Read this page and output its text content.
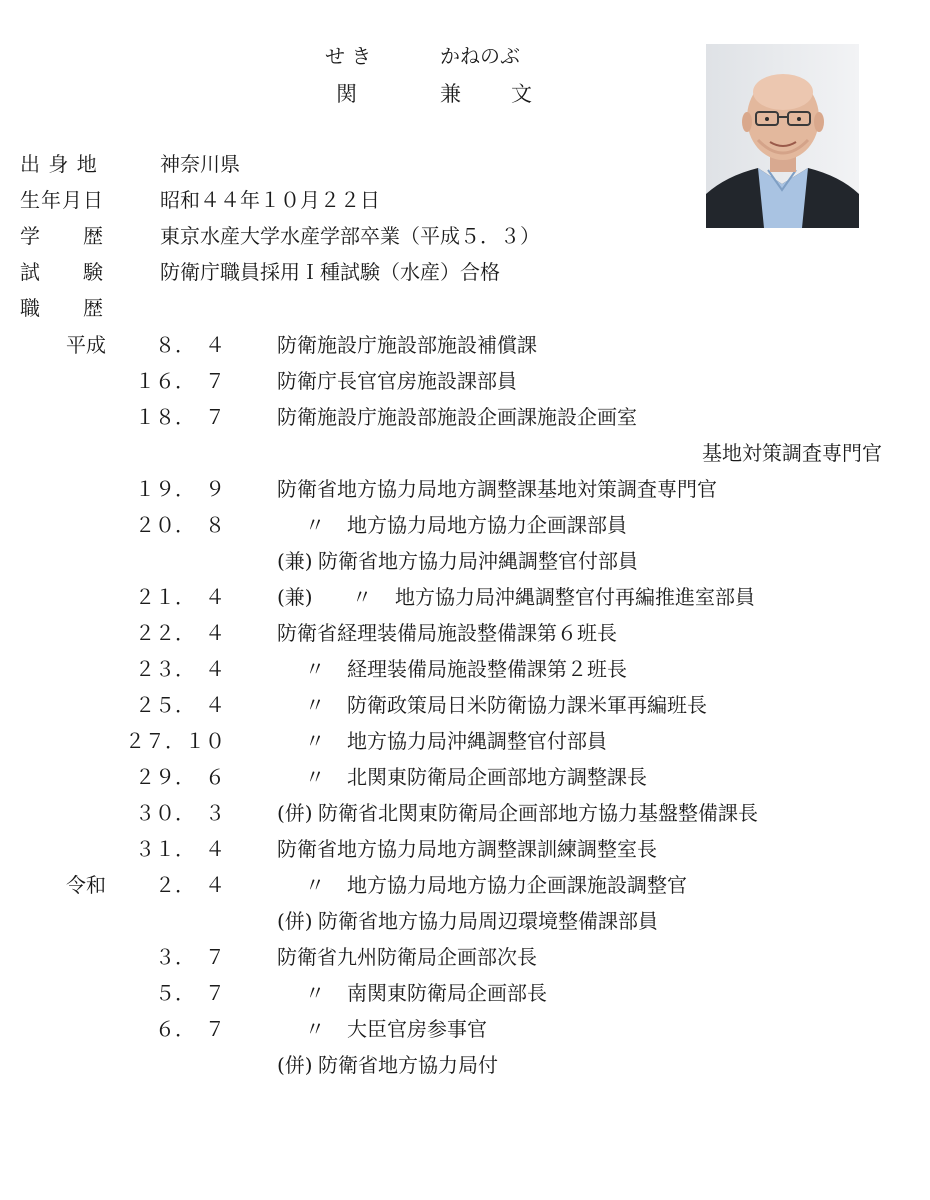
せ き	かねのぶ
関	兼 文
出 身 地	神奈川県
生年月日	昭和４４年１０月２２日
学　　歴	東京水産大学水産学部卒業（平成５．３）
試　　験	防衛庁職員採用Ｉ種試験（水産）合格
職　　歴
平成 ８．　４	防衛施設庁施設部施設補償課
１６．　７	防衛庁長官官房施設課部員
１８．　７	防衛施設庁施設部施設企画課施設企画室
基地対策調査専門官
１９．　９	防衛省地方協力局地方調整課基地対策調査専門官
２０．　８	〃 地方協力局地方協力企画課部員
(兼) 防衛省地方協力局沖縄調整官付部員
２１．　４	(兼) 〃 地方協力局沖縄調整官付再編推進室部員
２２．　４	防衛省経理装備局施設整備課第６班長
２３．　４	〃 経理装備局施設整備課第２班長
２５．　４	〃 防衛政策局日米防衛協力課米軍再編班長
２７．１０	〃 地方協力局沖縄調整官付部員
２９．　６	〃 北関東防衛局企画部地方調整課長
３０．　３	(併) 防衛省北関東防衛局企画部地方協力基盤整備課長
３１．　４	防衛省地方協力局地方調整課訓練調整室長
令和 ２．　４	〃 地方協力局地方協力企画課施設調整官
(併) 防衛省地方協力局周辺環境整備課部員
３．　７	防衛省九州防衛局企画部次長
５．　７	〃 南関東防衛局企画部長
６．　７	〃 大臣官房参事官
(併) 防衛省地方協力局付
